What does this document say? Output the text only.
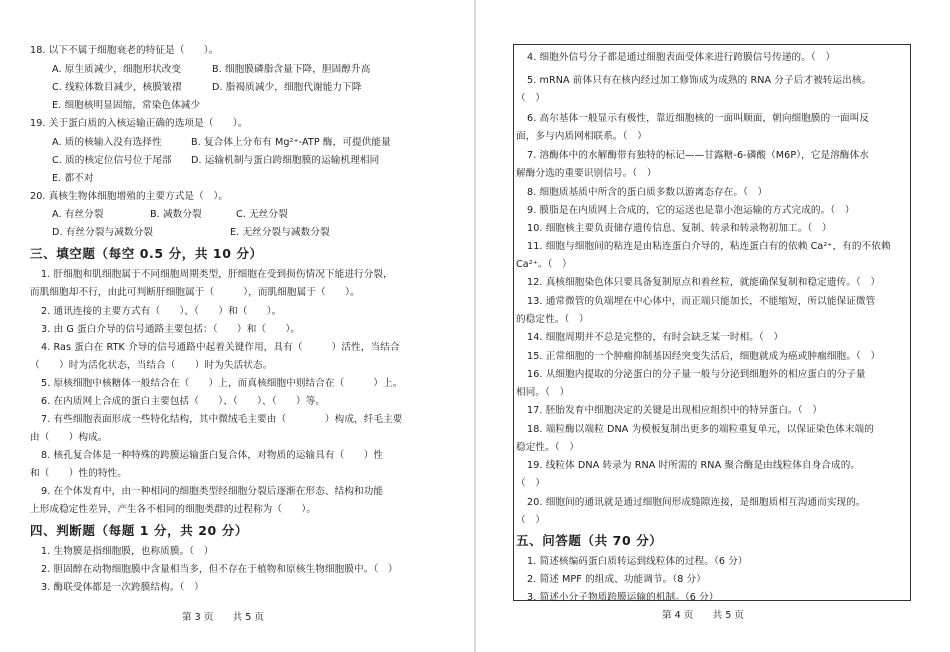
18. 以下不属于细胞衰老的特征是（　　）。
A. 原生质减少，细胞形状改变	B. 细胞膜磷脂含量下降，胆固醇升高
C. 线粒体数目减少，核膜皱褶	D. 脂褐质减少，细胞代谢能力下降
E. 细胞核明显固缩，常染色体减少
19. 关于蛋白质的入核运输正确的选项是（　　）。
A. 质的核输入没有选择性	B. 复合体上分布有 Mg²⁺-ATP 酶，可提供能量
C. 质的核定位信号位于尾部 D. 运输机制与蛋白跨细胞膜的运输机理相同
E. 都不对
20. 真核生物体细胞增殖的主要方式是（　）。
A. 有丝分裂	B. 减数分裂	C. 无丝分裂
D. 有丝分裂与减数分裂	E. 无丝分裂与减数分裂
三、填空题（每空 0.5 分，共 10 分）
1. 肝细胞和肌细胞属于不同细胞周期类型，肝细胞在受到损伤情况下能进行分裂，
而肌细胞却不行，由此可判断肝细胞属于（　　　），而肌细胞属于（　　）。
2. 通讯连接的主要方式有（　　）、（　　）和（　　）。
3. 由 G 蛋白介导的信号通路主要包括：（　　）和（　　）。
4. Ras 蛋白在 RTK 介导的信号通路中起着关键作用，具有（　　　）活性，当结合
（　　）时为活化状态，当结合（　　）时为失活状态。
5. 原核细胞中核糖体一般结合在（　　）上，而真核细胞中则结合在（　　　）上。
6. 在内质网上合成的蛋白主要包括（　　）、（　　）、（　　）等。
7. 有些细胞表面形成一些特化结构，其中微绒毛主要由（　　　　）构成，纤毛主要
由（　　）构成。
8. 核孔复合体是一种特殊的跨膜运输蛋白复合体，对物质的运输具有（　　）性
和（　　）性的特性。
9. 在个体发育中，由一种相同的细胞类型经细胞分裂后逐渐在形态、结构和功能
上形成稳定性差异，产生各不相同的细胞类群的过程称为（　　）。
四、判断题（每题 1 分，共 20 分）
1. 生物膜是指细胞膜，也称质膜。（　）
2. 胆固醇在动物细胞膜中含量相当多，但不存在于植物和原核生物细胞膜中。（　）
3. 酶联受体都是一次跨膜结构。（　）
第 3 页　　共 5 页
4. 细胞外信号分子都是通过细胞表面受体来进行跨膜信号传递的。（　）
5. mRNA 前体只有在核内经过加工修饰成为成熟的 RNA 分子后才被转运出核。
（　）
6. 高尔基体一般显示有极性，靠近细胞核的一面叫顺面，朝向细胞膜的一面叫反
面，多与内质网相联系。（　）
7. 溶酶体中的水解酶带有独特的标记——甘露糖-6-磷酸（M6P），它是溶酶体水
解酶分选的重要识别信号。（　）
8. 细胞质基质中所含的蛋白质多数以游离态存在。（　）
9. 膜脂是在内质网上合成的，它的运送也是靠小泡运输的方式完成的。（　）
10. 细胞核主要负责储存遗传信息、复制、转录和转录物初加工。（　）
11. 细胞与细胞间的粘连是由粘连蛋白介导的，粘连蛋白有的依赖 Ca²⁺，有的不依赖
Ca²⁺。（　）
12. 真核细胞染色体只要具备复制原点和着丝粒，就能确保复制和稳定遗传。（　）
13. 通常微管的负端埋在中心体中，而正端只能加长，不能缩短，所以能保证微管
的稳定性。（　）
14. 细胞周期并不总是完整的，有时会缺乏某一时相。（　）
15. 正常细胞的一个肿瘤抑制基因经突变失活后，细胞就成为癌或肿瘤细胞。（　）
16. 从细胞内提取的分泌蛋白的分子量一般与分泌到细胞外的相应蛋白的分子量
相同。（　）
17. 胚胎发育中细胞决定的关键是出现相应组织中的特异蛋白。（　）
18. 端粒酶以端粒 DNA 为模板复制出更多的端粒重复单元，以保证染色体末端的
稳定性。（　）
19. 线粒体 DNA 转录为 RNA 时所需的 RNA 聚合酶是由线粒体自身合成的。
（　）
20. 细胞间的通讯就是通过细胞间形成缝隙连接，是细胞质相互沟通而实现的。
（　）
五、问答题（共 70 分）
1. 简述核编码蛋白质转运到线粒体的过程。（6 分）
2. 简述 MPF 的组成、功能调节。（8 分）
3. 简述小分子物质跨膜运输的机制。（6 分）
第 4 页　　共 5 页
